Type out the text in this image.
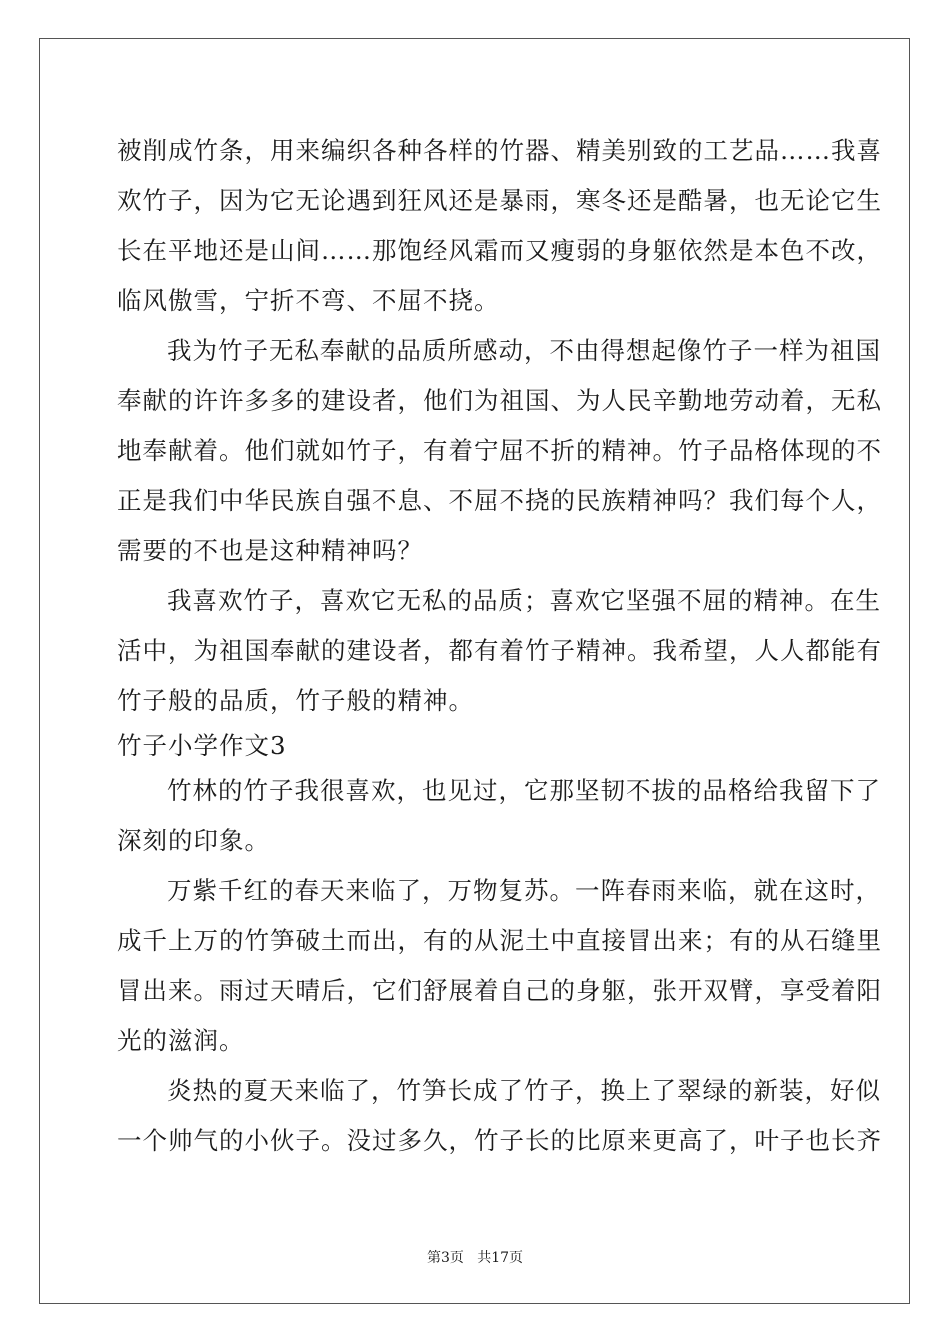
被削成竹条，用来编织各种各样的竹器、精美别致的工艺品……我喜
欢竹子，因为它无论遇到狂风还是暴雨，寒冬还是酷暑，也无论它生
长在平地还是山间……那饱经风霜而又瘦弱的身躯依然是本色不改，
临风傲雪，宁折不弯、不屈不挠。
我为竹子无私奉献的品质所感动，不由得想起像竹子一样为祖国
奉献的许许多多的建设者，他们为祖国、为人民辛勤地劳动着，无私
地奉献着。他们就如竹子，有着宁屈不折的精神。竹子品格体现的不
正是我们中华民族自强不息、不屈不挠的民族精神吗？我们每个人，
需要的不也是这种精神吗？
我喜欢竹子，喜欢它无私的品质；喜欢它坚强不屈的精神。在生
活中，为祖国奉献的建设者，都有着竹子精神。我希望，人人都能有
竹子般的品质，竹子般的精神。
竹子小学作文3
竹林的竹子我很喜欢，也见过，它那坚韧不拔的品格给我留下了
深刻的印象。
万紫千红的春天来临了，万物复苏。一阵春雨来临，就在这时，
成千上万的竹笋破土而出，有的从泥土中直接冒出来；有的从石缝里
冒出来。雨过天晴后，它们舒展着自己的身躯，张开双臂，享受着阳
光的滋润。
炎热的夏天来临了，竹笋长成了竹子，换上了翠绿的新装，好似
一个帅气的小伙子。没过多久，竹子长的比原来更高了，叶子也长齐
第3页   共17页
